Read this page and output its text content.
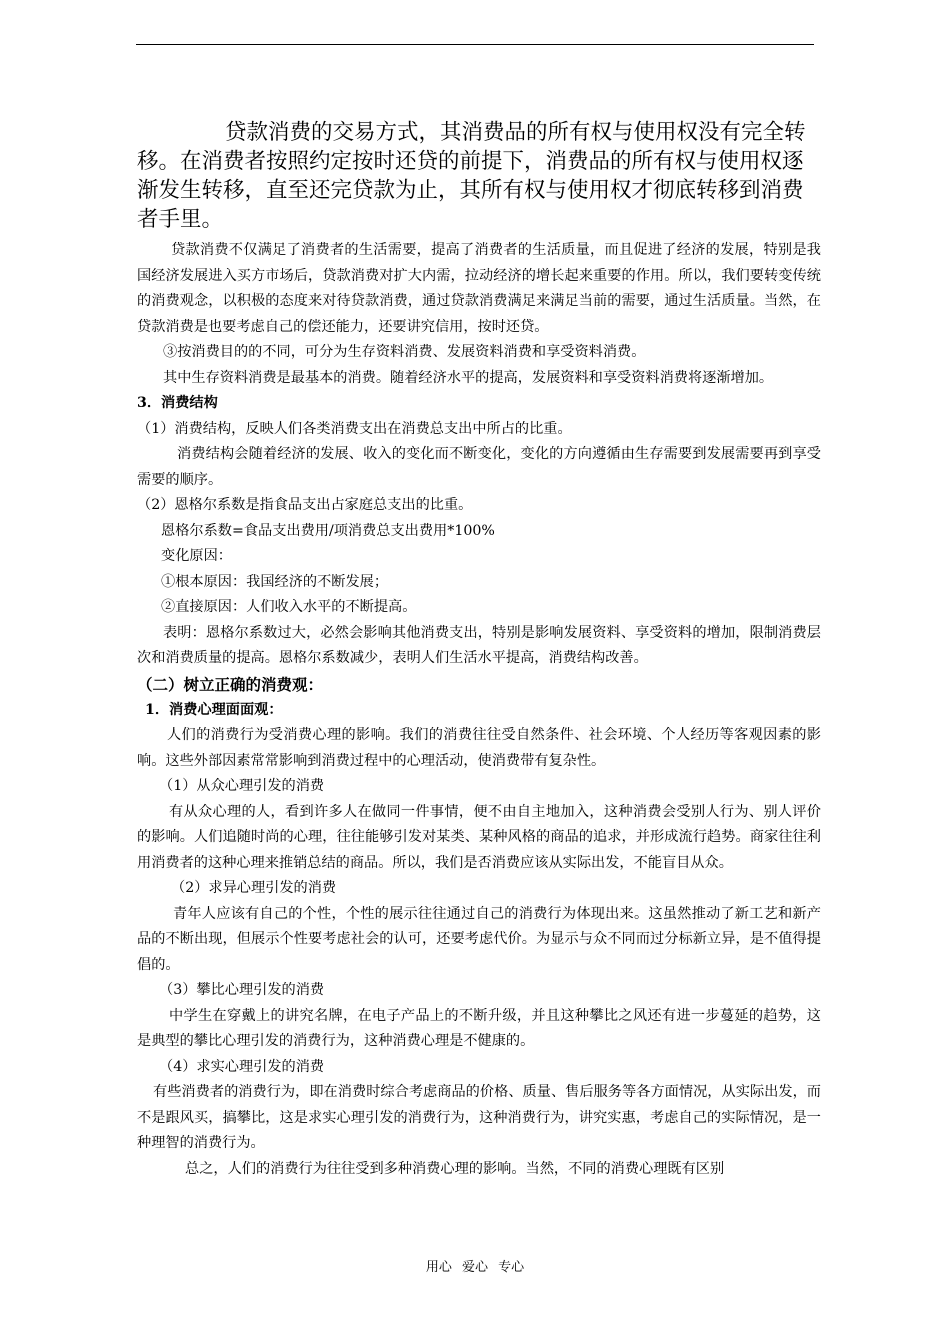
贷款消费的交易方式，其消费品的所有权与使用权没有完全转移。在消费者按照约定按时还贷的前提下，消费品的所有权与使用权逐渐发生转移，直至还完贷款为止，其所有权与使用权才彻底转移到消费者手里。

贷款消费不仅满足了消费者的生活需要，提高了消费者的生活质量，而且促进了经济的发展，特别是我国经济发展进入买方市场后，贷款消费对扩大内需，拉动经济的增长起来重要的作用。所以，我们要转变传统的消费观念，以积极的态度来对待贷款消费，通过贷款消费满足来满足当前的需要，通过生活质量。当然，在贷款消费是也要考虑自己的偿还能力，还要讲究信用，按时还贷。

③按消费目的的不同，可分为生存资料消费、发展资料消费和享受资料消费。

其中生存资料消费是最基本的消费。随着经济水平的提高，发展资料和享受资料消费将逐渐增加。

3．消费结构

（1）消费结构，反映人们各类消费支出在消费总支出中所占的比重。

消费结构会随着经济的发展、收入的变化而不断变化，变化的方向遵循由生存需要到发展需要再到享受需要的顺序。

（2）恩格尔系数是指食品支出占家庭总支出的比重。

恩格尔系数=食品支出费用/项消费总支出费用*100%

变化原因：

①根本原因：我国经济的不断发展；

②直接原因：人们收入水平的不断提高。

表明：恩格尔系数过大，必然会影响其他消费支出，特别是影响发展资料、享受资料的增加，限制消费层次和消费质量的提高。恩格尔系数减少，表明人们生活水平提高，消费结构改善。

（二）树立正确的消费观：

1．消费心理面面观：

人们的消费行为受消费心理的影响。我们的消费往往受自然条件、社会环境、个人经历等客观因素的影响。这些外部因素常常影响到消费过程中的心理活动，使消费带有复杂性。

（1）从众心理引发的消费

有从众心理的人，看到许多人在做同一件事情，便不由自主地加入，这种消费会受别人行为、别人评价的影响。人们追随时尚的心理，往往能够引发对某类、某种风格的商品的追求，并形成流行趋势。商家往往利用消费者的这种心理来推销总结的商品。所以，我们是否消费应该从实际出发，不能盲目从众。

（2）求异心理引发的消费

青年人应该有自己的个性，个性的展示往往通过自己的消费行为体现出来。这虽然推动了新工艺和新产品的不断出现，但展示个性要考虑社会的认可，还要考虑代价。为显示与众不同而过分标新立异，是不值得提倡的。

（3）攀比心理引发的消费

中学生在穿戴上的讲究名牌，在电子产品上的不断升级，并且这种攀比之风还有进一步蔓延的趋势，这是典型的攀比心理引发的消费行为，这种消费心理是不健康的。

（4）求实心理引发的消费

有些消费者的消费行为，即在消费时综合考虑商品的价格、质量、售后服务等各方面情况，从实际出发，而不是跟风买，搞攀比，这是求实心理引发的消费行为，这种消费行为，讲究实惠，考虑自己的实际情况，是一种理智的消费行为。

总之，人们的消费行为往往受到多种消费心理的影响。当然，不同的消费心理既有区别

用心 爱心 专心
